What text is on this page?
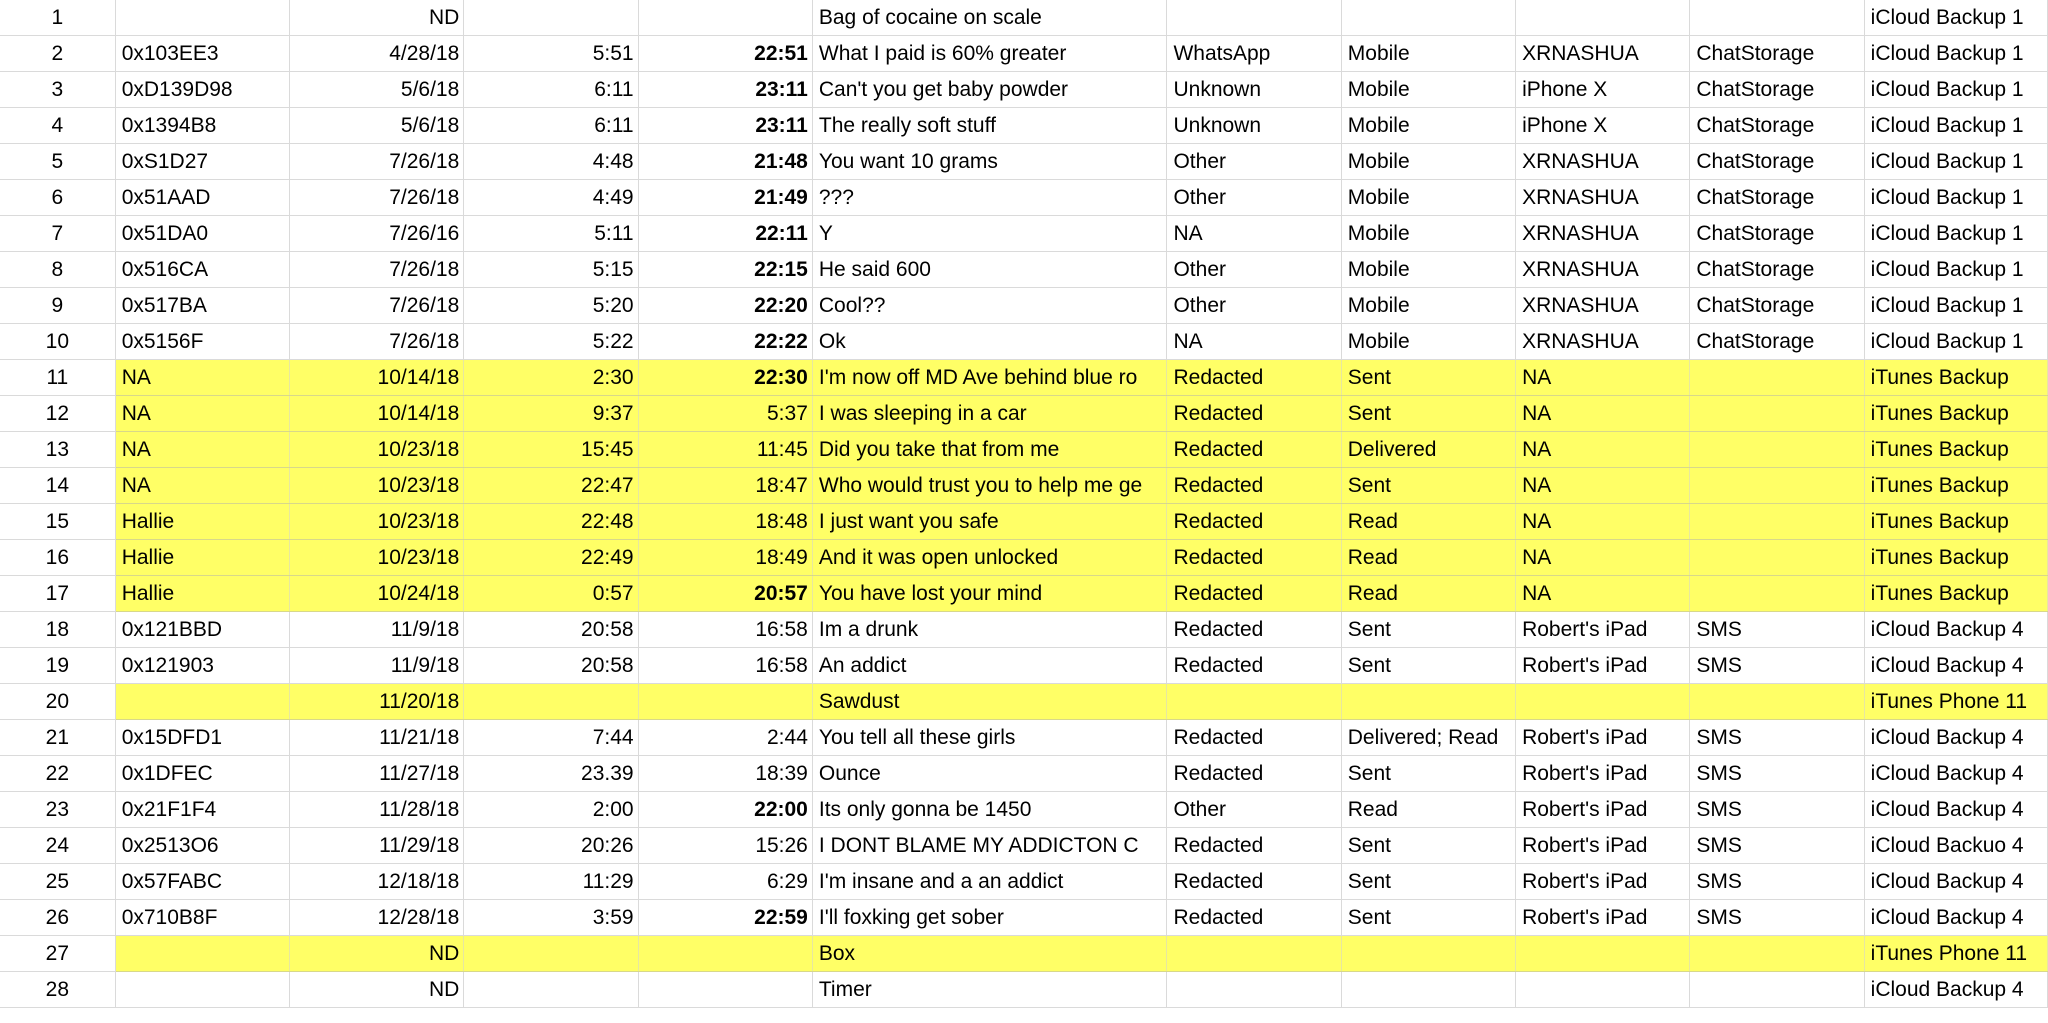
1		ND			Bag of cocaine on scale					iCloud Backup 1
2	0x103EE3	4/28/18	5:51	22:51	What I paid is 60% greater	WhatsApp	Mobile	XRNASHUA	ChatStorage	iCloud Backup 1
3	0xD139D98	5/6/18	6:11	23:11	Can't you get baby powder	Unknown	Mobile	iPhone X	ChatStorage	iCloud Backup 1
4	0x1394B8	5/6/18	6:11	23:11	The really soft stuff	Unknown	Mobile	iPhone X	ChatStorage	iCloud Backup 1
5	0xS1D27	7/26/18	4:48	21:48	You want 10 grams	Other	Mobile	XRNASHUA	ChatStorage	iCloud Backup 1
6	0x51AAD	7/26/18	4:49	21:49	???	Other	Mobile	XRNASHUA	ChatStorage	iCloud Backup 1
7	0x51DA0	7/26/16	5:11	22:11	Y	NA	Mobile	XRNASHUA	ChatStorage	iCloud Backup 1
8	0x516CA	7/26/18	5:15	22:15	He said 600	Other	Mobile	XRNASHUA	ChatStorage	iCloud Backup 1
9	0x517BA	7/26/18	5:20	22:20	Cool??	Other	Mobile	XRNASHUA	ChatStorage	iCloud Backup 1
10	0x5156F	7/26/18	5:22	22:22	Ok	NA	Mobile	XRNASHUA	ChatStorage	iCloud Backup 1
11	NA	10/14/18	2:30	22:30	I'm now off MD Ave behind blue ro	Redacted	Sent	NA		iTunes Backup
12	NA	10/14/18	9:37	5:37	I was sleeping in a car	Redacted	Sent	NA		iTunes Backup
13	NA	10/23/18	15:45	11:45	Did you take that from me	Redacted	Delivered	NA		iTunes Backup
14	NA	10/23/18	22:47	18:47	Who would trust you to help me ge	Redacted	Sent	NA		iTunes Backup
15	Hallie	10/23/18	22:48	18:48	I just want you safe	Redacted	Read	NA		iTunes Backup
16	Hallie	10/23/18	22:49	18:49	And it was open unlocked	Redacted	Read	NA		iTunes Backup
17	Hallie	10/24/18	0:57	20:57	You have lost your mind	Redacted	Read	NA		iTunes Backup
18	0x121BBD	11/9/18	20:58	16:58	Im a drunk	Redacted	Sent	Robert's iPad	SMS	iCloud Backup 4
19	0x121903	11/9/18	20:58	16:58	An addict	Redacted	Sent	Robert's iPad	SMS	iCloud Backup 4
20		11/20/18			Sawdust					iTunes Phone 11
21	0x15DFD1	11/21/18	7:44	2:44	You tell all these girls	Redacted	Delivered; Read	Robert's iPad	SMS	iCloud Backup 4
22	0x1DFEC	11/27/18	23.39	18:39	Ounce	Redacted	Sent	Robert's iPad	SMS	iCloud Backup 4
23	0x21F1F4	11/28/18	2:00	22:00	Its only gonna be 1450	Other	Read	Robert's iPad	SMS	iCloud Backup 4
24	0x2513O6	11/29/18	20:26	15:26	I DONT BLAME MY ADDICTON C	Redacted	Sent	Robert's iPad	SMS	iCloud Backuo 4
25	0x57FABC	12/18/18	11:29	6:29	I'm insane and a an addict	Redacted	Sent	Robert's iPad	SMS	iCloud Backup 4
26	0x710B8F	12/28/18	3:59	22:59	I'll foxking get sober	Redacted	Sent	Robert's iPad	SMS	iCloud Backup 4
27		ND			Box					iTunes Phone 11
28		ND			Timer					iCloud Backup 4
